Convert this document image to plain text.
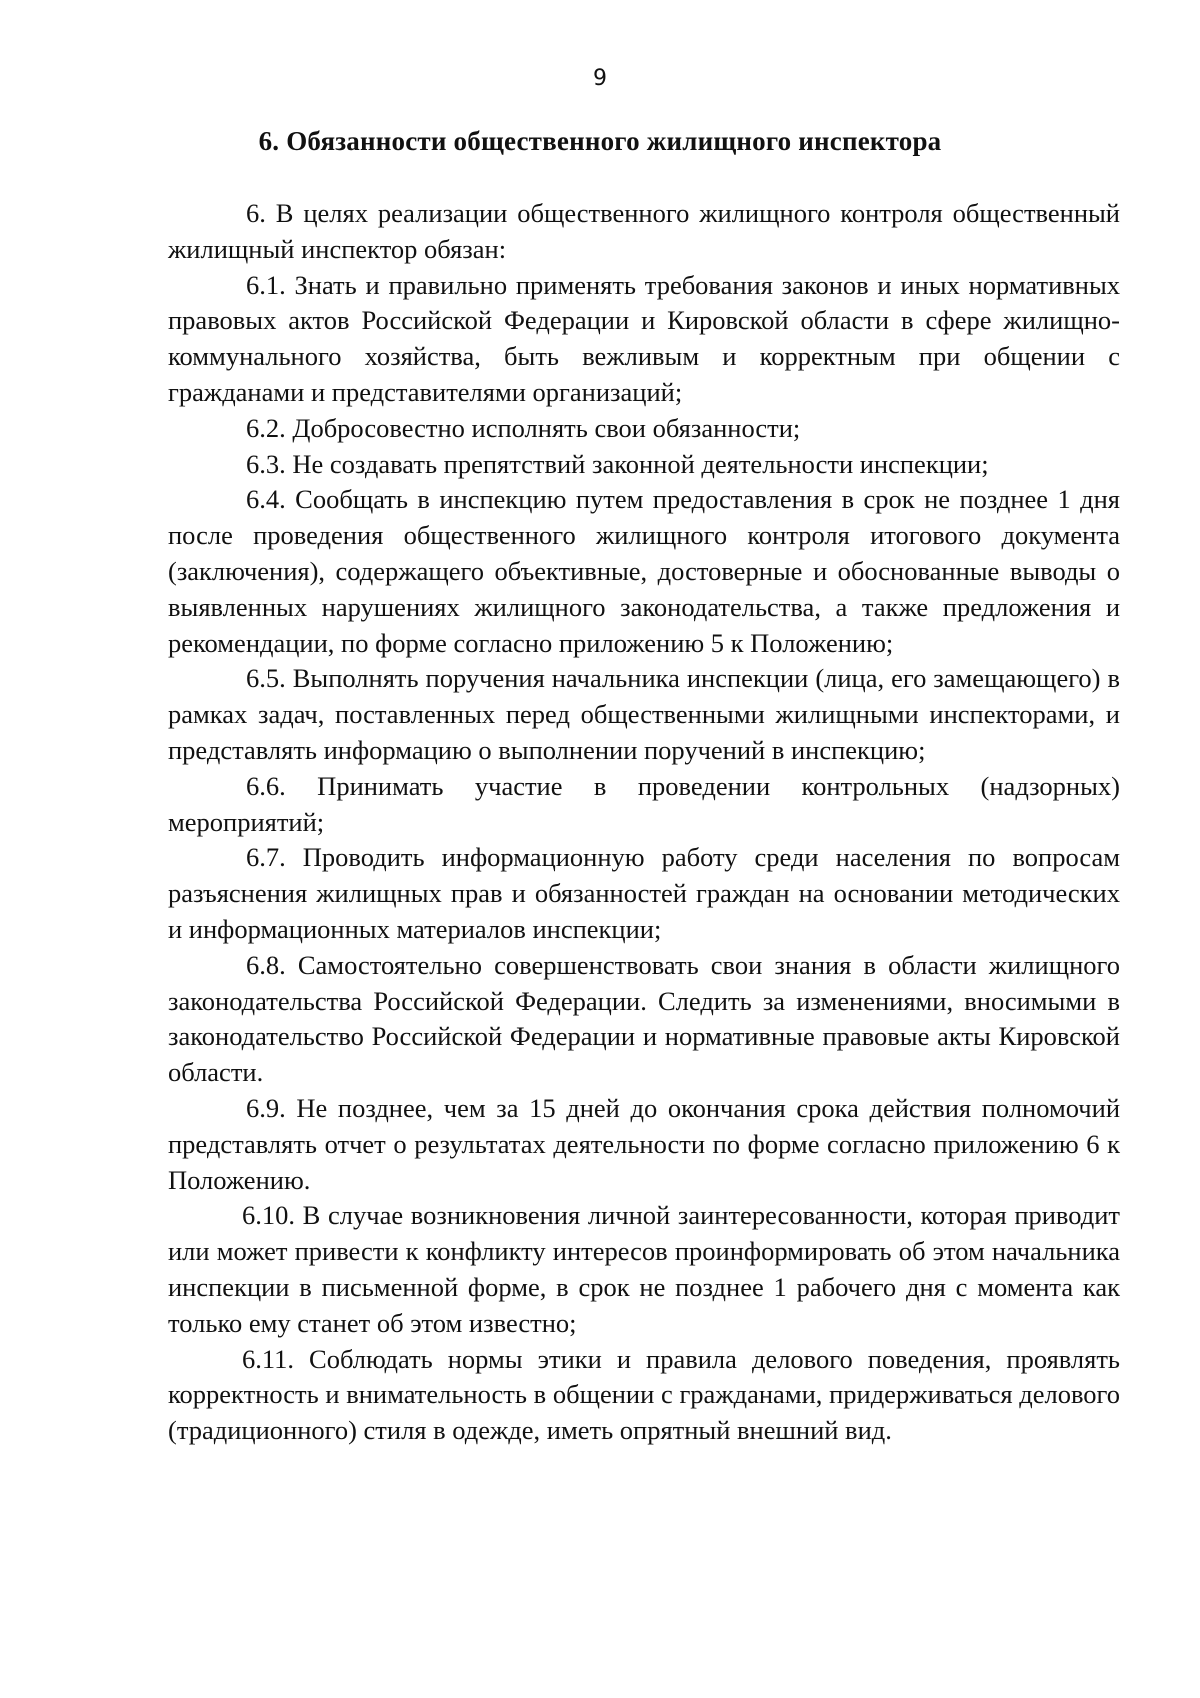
9
6. Обязанности общественного жилищного инспектора

6. В целях реализации общественного жилищного контроля общественный жилищный инспектор обязан:

6.1. Знать и правильно применять требования законов и иных нормативных правовых актов Российской Федерации и Кировской области в сфере жилищно-коммунального хозяйства, быть вежливым и корректным при общении с гражданами и представителями организаций;

6.2. Добросовестно исполнять свои обязанности;

6.3. Не создавать препятствий законной деятельности инспекции;

6.4. Сообщать в инспекцию путем предоставления в срок не позднее 1 дня после проведения общественного жилищного контроля итогового документа (заключения), содержащего объективные, достоверные и обоснованные выводы о выявленных нарушениях жилищного законодательства, а также предложения и рекомендации, по форме согласно приложению 5 к Положению;

6.5. Выполнять поручения начальника инспекции (лица, его замещающего) в рамках задач, поставленных перед общественными жилищными инспекторами, и представлять информацию о выполнении поручений в инспекцию;

6.6. Принимать участие в проведении контрольных (надзорных) мероприятий;

6.7. Проводить информационную работу среди населения по вопросам разъяснения жилищных прав и обязанностей граждан на основании методических и информационных материалов инспекции;

6.8. Самостоятельно совершенствовать свои знания в области жилищного законодательства Российской Федерации. Следить за изменениями, вносимыми в законодательство Российской Федерации и нормативные правовые акты Кировской области.

6.9. Не позднее, чем за 15 дней до окончания срока действия полномочий представлять отчет о результатах деятельности по форме согласно приложению 6 к Положению.

6.10. В случае возникновения личной заинтересованности, которая приводит или может привести к конфликту интересов проинформировать об этом начальника инспекции в письменной форме, в срок не позднее 1 рабочего дня с момента как только ему станет об этом известно;

6.11. Соблюдать нормы этики и правила делового поведения, проявлять корректность и внимательность в общении с гражданами, придерживаться делового (традиционного) стиля в одежде, иметь опрятный внешний вид.
